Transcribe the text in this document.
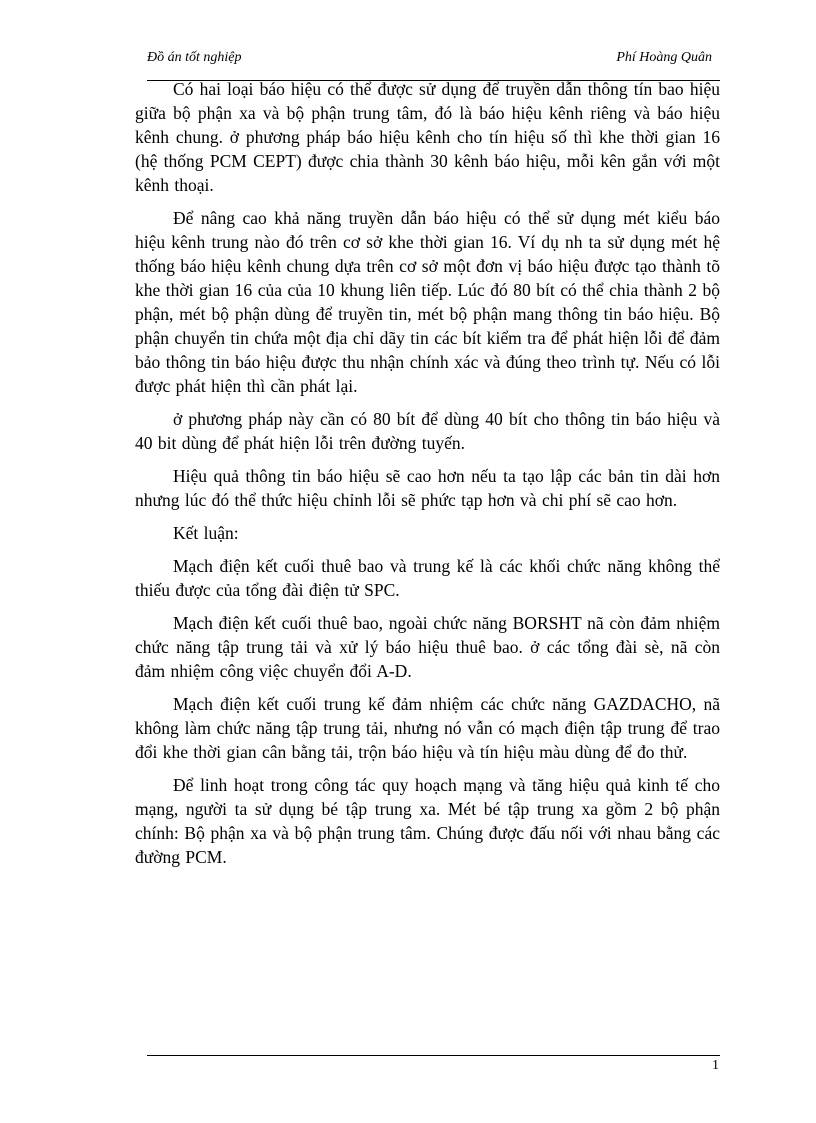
Đồ án tốt nghiệp	Phí Hoàng Quân

Có hai loại báo hiệu có thể được sử dụng để truyền dẫn thông tín bao hiệu giữa bộ phận xa và bộ phận trung tâm, đó là báo hiệu kênh riêng và báo hiệu kênh chung. ở phương pháp báo hiệu kênh cho tín hiệu số thì khe thời gian 16 (hệ thống PCM CEPT) được chia thành 30 kênh báo hiệu, mỗi kên gắn với một kênh thoại.

Để nâng cao khả năng truyền dẫn báo hiệu có thể sử dụng mét kiểu báo hiệu kênh trung nào đó trên cơ sở khe thời gian 16. Ví dụ nh ta sử dụng mét hệ thống báo hiệu kênh chung dựa trên cơ sở một đơn vị báo hiệu được tạo thành tõ khe thời gian 16 của của 10 khung liên tiếp. Lúc đó 80 bít có thể chia thành 2 bộ phận, mét bộ phận dùng để truyền tin, mét bộ phận mang thông tin báo hiệu. Bộ phận chuyển tin chứa một địa chỉ dãy tin các bít kiểm tra để phát hiện lỗi để đảm bảo thông tin báo hiệu được thu nhận chính xác và đúng theo trình tự. Nếu có lỗi được phát hiện thì cần phát lại.

ở phương pháp này cần có 80 bít để dùng 40 bít cho thông tin báo hiệu và 40 bit dùng để phát hiện lỗi trên đường tuyến.

Hiệu quả thông tin báo hiệu sẽ cao hơn nếu ta tạo lập các bản tin dài hơn nhưng lúc đó thể thức hiệu chỉnh lỗi sẽ phức tạp hơn và chi phí sẽ cao hơn.

Kết luận:

Mạch điện kết cuối thuê bao và trung kế là các khối chức năng không thể thiếu được của tổng đài điện tử SPC.

Mạch điện kết cuối thuê bao, ngoài chức năng BORSHT nã còn đảm nhiệm chức năng tập trung tải và xử lý báo hiệu thuê bao. ở các tổng đài sè, nã còn đảm nhiệm công việc chuyển đổi A-D.

Mạch điện kết cuối trung kế đảm nhiệm các chức năng GAZDACHO, nã không làm chức năng tập trung tải, nhưng nó vẫn có mạch điện tập trung để trao đổi khe thời gian cân bằng tải, trộn báo hiệu và tín hiệu màu dùng để đo thử.

Để linh hoạt trong công tác quy hoạch mạng và tăng hiệu quả kinh tế cho mạng, người ta sử dụng bé tập trung xa. Mét bé tập trung xa gồm 2 bộ phận chính: Bộ phận xa và bộ phận trung tâm. Chúng được đấu nối với nhau bằng các đường PCM.

1
